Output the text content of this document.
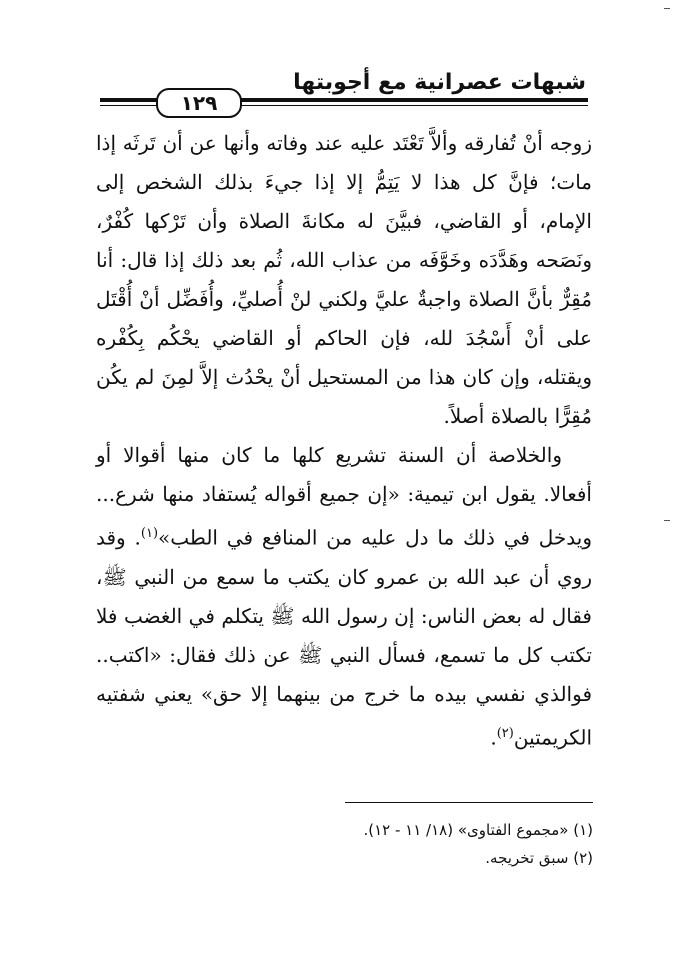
شبهات عصرانية مع أجوبتها
١٢٩

زوجه أنْ تُفارقه وألاَّ تَعْتَد عليه عند وفاته وأنها عن أن تَرثَه إذا مات؛ فإنَّ كل هذا لا يَتِمُّ إلا إذا جيءَ بذلك الشخص إلى الإمام، أو القاضي، فبيَّنَ له مكانةَ الصلاة وأن تَرْكها كُفْرٌ، ونَصَحه وهَدَّدَه وخَوَّفَه من عذاب الله، ثُم بعد ذلك إذا قال: أنا مُقِرٌّ بأنَّ الصلاة واجبةٌ عليَّ ولكني لنْ أُصليِّ، وأُفَضِّل أنْ أُقْتَل على أنْ أَسْجُدَ لله، فإن الحاكم أو القاضي يحْكُم بِكُفْره ويقتله، وإن كان هذا من المستحيل أنْ يحْدُث إلاَّ لمِنَ لم يكُن مُقِرًّا بالصلاة أصلاً.

والخلاصة أن السنة تشريع كلها ما كان منها أقوالا أو أفعالا. يقول ابن تيمية: «إن جميع أقواله يُستفاد منها شرع... ويدخل في ذلك ما دل عليه من المنافع في الطب»$^{(١)}$. وقد روي أن عبد الله بن عمرو كان يكتب ما سمع من النبي ﷺ، فقال له بعض الناس: إن رسول الله ﷺ يتكلم في الغضب فلا تكتب كل ما تسمع، فسأل النبي ﷺ عن ذلك فقال: «اكتب.. فوالذي نفسي بيده ما خرج من بينهما إلا حق» يعني شفتيه الكريمتين$^{(٢)}$.

(١) «مجموع الفتاوى» (١٨/ ١١ - ١٢).
(٢) سبق تخريجه.
